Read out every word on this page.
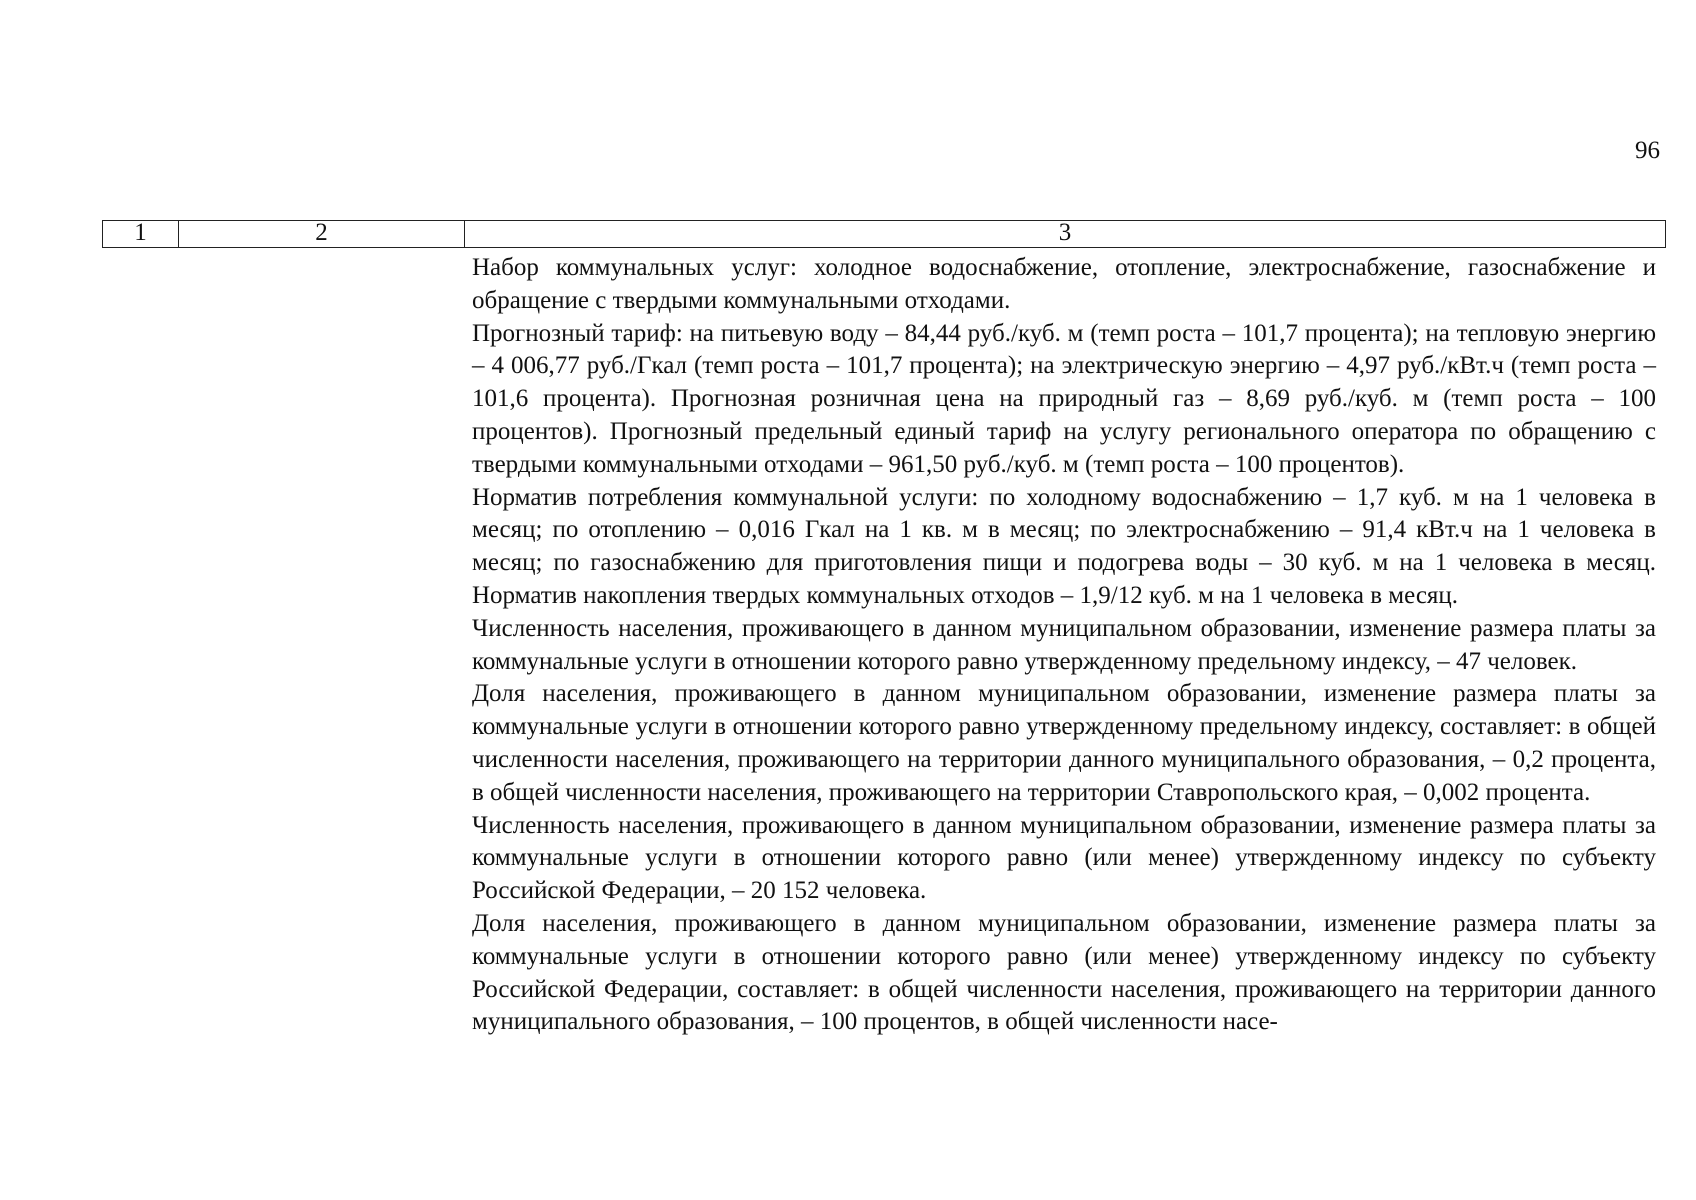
96
1	2	3

Набор коммунальных услуг: холодное водоснабжение, отопление, электроснабжение, газоснабжение и обращение с твердыми коммунальными отходами.

Прогнозный тариф: на питьевую воду – 84,44 руб./куб. м (темп роста – 101,7 процента); на тепловую энергию – 4 006,77 руб./Гкал (темп роста – 101,7 процента); на электрическую энергию – 4,97 руб./кВт.ч (темп роста – 101,6 процента). Прогнозная розничная цена на природный газ – 8,69 руб./куб. м (темп роста – 100 процентов). Прогнозный предельный единый тариф на услугу регионального оператора по обращению с твердыми коммунальными отходами – 961,50 руб./куб. м (темп роста – 100 процентов).

Норматив потребления коммунальной услуги: по холодному водоснабжению – 1,7 куб. м на 1 человека в месяц; по отоплению – 0,016 Гкал на 1 кв. м в месяц; по электроснабжению – 91,4 кВт.ч на 1 человека в месяц; по газоснабжению для приготовления пищи и подогрева воды – 30 куб. м на 1 человека в месяц. Норматив накопления твердых коммунальных отходов – 1,9/12 куб. м на 1 человека в месяц.

Численность населения, проживающего в данном муниципальном образовании, изменение размера платы за коммунальные услуги в отношении которого равно утвержденному предельному индексу, – 47 человек.

Доля населения, проживающего в данном муниципальном образовании, изменение размера платы за коммунальные услуги в отношении которого равно утвержденному предельному индексу, составляет: в общей численности населения, проживающего на территории данного муниципального образования, – 0,2 процента, в общей численности населения, проживающего на территории Ставропольского края, – 0,002 процента.

Численность населения, проживающего в данном муниципальном образовании, изменение размера платы за коммунальные услуги в отношении которого равно (или менее) утвержденному индексу по субъекту Российской Федерации, – 20 152 человека.

Доля населения, проживающего в данном муниципальном образовании, изменение размера платы за коммунальные услуги в отношении которого равно (или менее) утвержденному индексу по субъекту Российской Федерации, составляет: в общей численности населения, проживающего на территории данного муниципального образования, – 100 процентов, в общей численности насе-
